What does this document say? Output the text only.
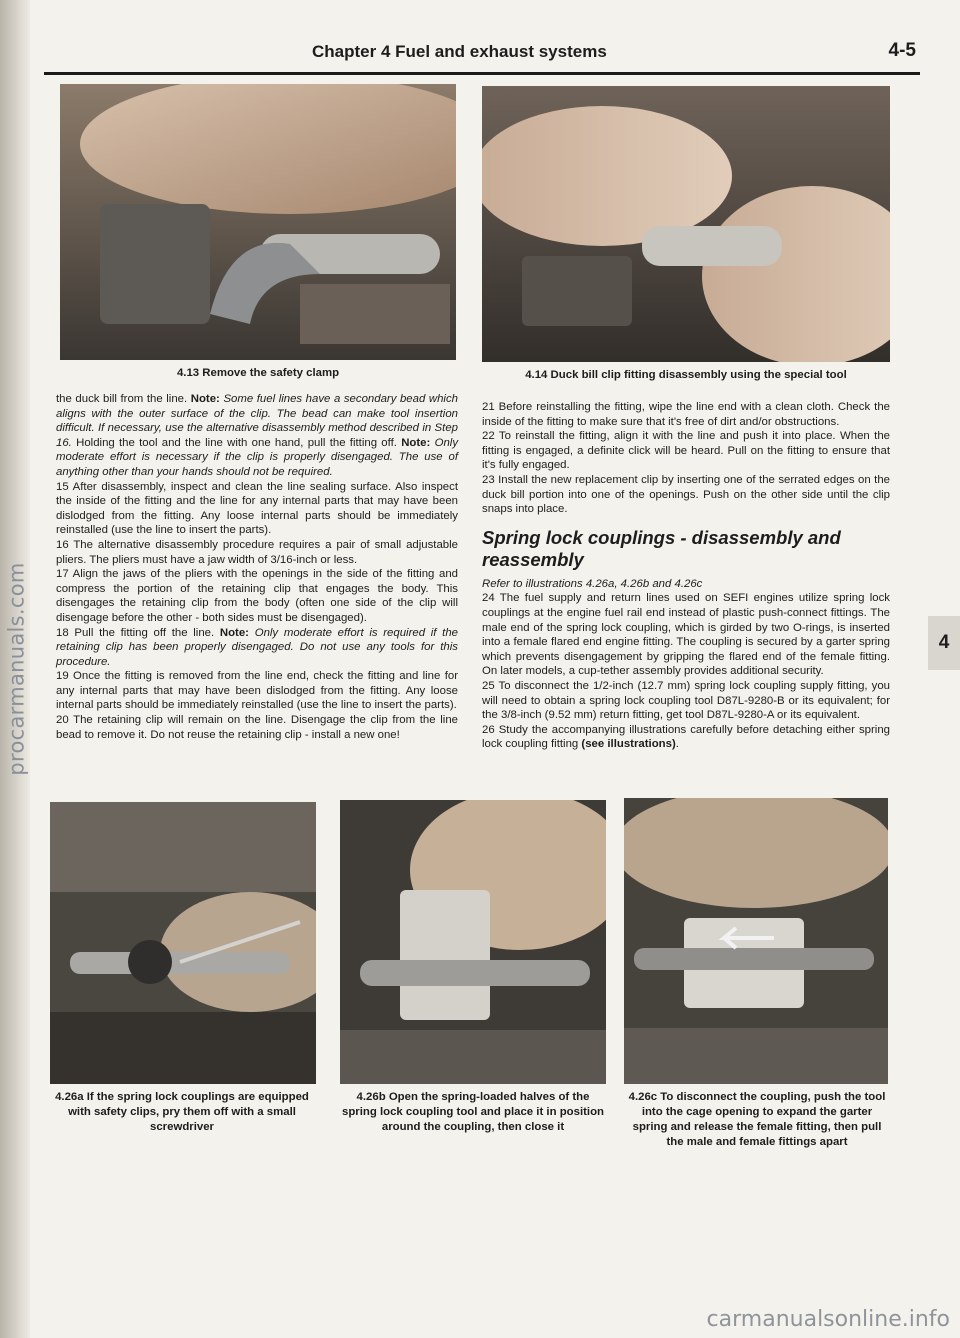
procarmanuals.com
Chapter 4 Fuel and exhaust systems	4-5
4
4.13 Remove the safety clamp	4.14 Duck bill clip fitting disassembly using the special tool

the duck bill from the line. Note: Some fuel lines have a secondary bead which aligns with the outer surface of the clip. The bead can make tool insertion difficult. If necessary, use the alternative disassembly method described in Step 16. Holding the tool and the line with one hand, pull the fitting off. Note: Only moderate effort is necessary if the clip is properly disengaged. The use of anything other than your hands should not be required.

15 After disassembly, inspect and clean the line sealing surface. Also inspect the inside of the fitting and the line for any internal parts that may have been dislodged from the fitting. Any loose internal parts should be immediately reinstalled (use the line to insert the parts).

16 The alternative disassembly procedure requires a pair of small adjustable pliers. The pliers must have a jaw width of 3/16-inch or less.

17 Align the jaws of the pliers with the openings in the side of the fitting and compress the portion of the retaining clip that engages the body. This disengages the retaining clip from the body (often one side of the clip will disengage before the other - both sides must be disengaged).

18 Pull the fitting off the line. Note: Only moderate effort is required if the retaining clip has been properly disengaged. Do not use any tools for this procedure.

19 Once the fitting is removed from the line end, check the fitting and line for any internal parts that may have been dislodged from the fitting. Any loose internal parts should be immediately reinstalled (use the line to insert the parts).

20 The retaining clip will remain on the line. Disengage the clip from the line bead to remove it. Do not reuse the retaining clip - install a new one!

21 Before reinstalling the fitting, wipe the line end with a clean cloth. Check the inside of the fitting to make sure that it's free of dirt and/or obstructions.

22 To reinstall the fitting, align it with the line and push it into place. When the fitting is engaged, a definite click will be heard. Pull on the fitting to ensure that it's fully engaged.

23 Install the new replacement clip by inserting one of the serrated edges on the duck bill portion into one of the openings. Push on the other side until the clip snaps into place.

Spring lock couplings - disassembly and reassembly

Refer to illustrations 4.26a, 4.26b and 4.26c

24 The fuel supply and return lines used on SEFI engines utilize spring lock couplings at the engine fuel rail end instead of plastic push-connect fittings. The male end of the spring lock coupling, which is girded by two O-rings, is inserted into a female flared end engine fitting. The coupling is secured by a garter spring which prevents disengagement by gripping the flared end of the female fitting. On later models, a cup-tether assembly provides additional security.

25 To disconnect the 1/2-inch (12.7 mm) spring lock coupling supply fitting, you will need to obtain a spring lock coupling tool D87L-9280-B or its equivalent; for the 3/8-inch (9.52 mm) return fitting, get tool D87L-9280-A or its equivalent.

26 Study the accompanying illustrations carefully before detaching either spring lock coupling fitting (see illustrations).

4.26a If the spring lock couplings are equipped with safety clips, pry them off with a small screwdriver
4.26b Open the spring-loaded halves of the spring lock coupling tool and place it in position around the coupling, then close it
4.26c To disconnect the coupling, push the tool into the cage opening to expand the garter spring and release the female fitting, then pull the male and female fittings apart
carmanualsonline.info
